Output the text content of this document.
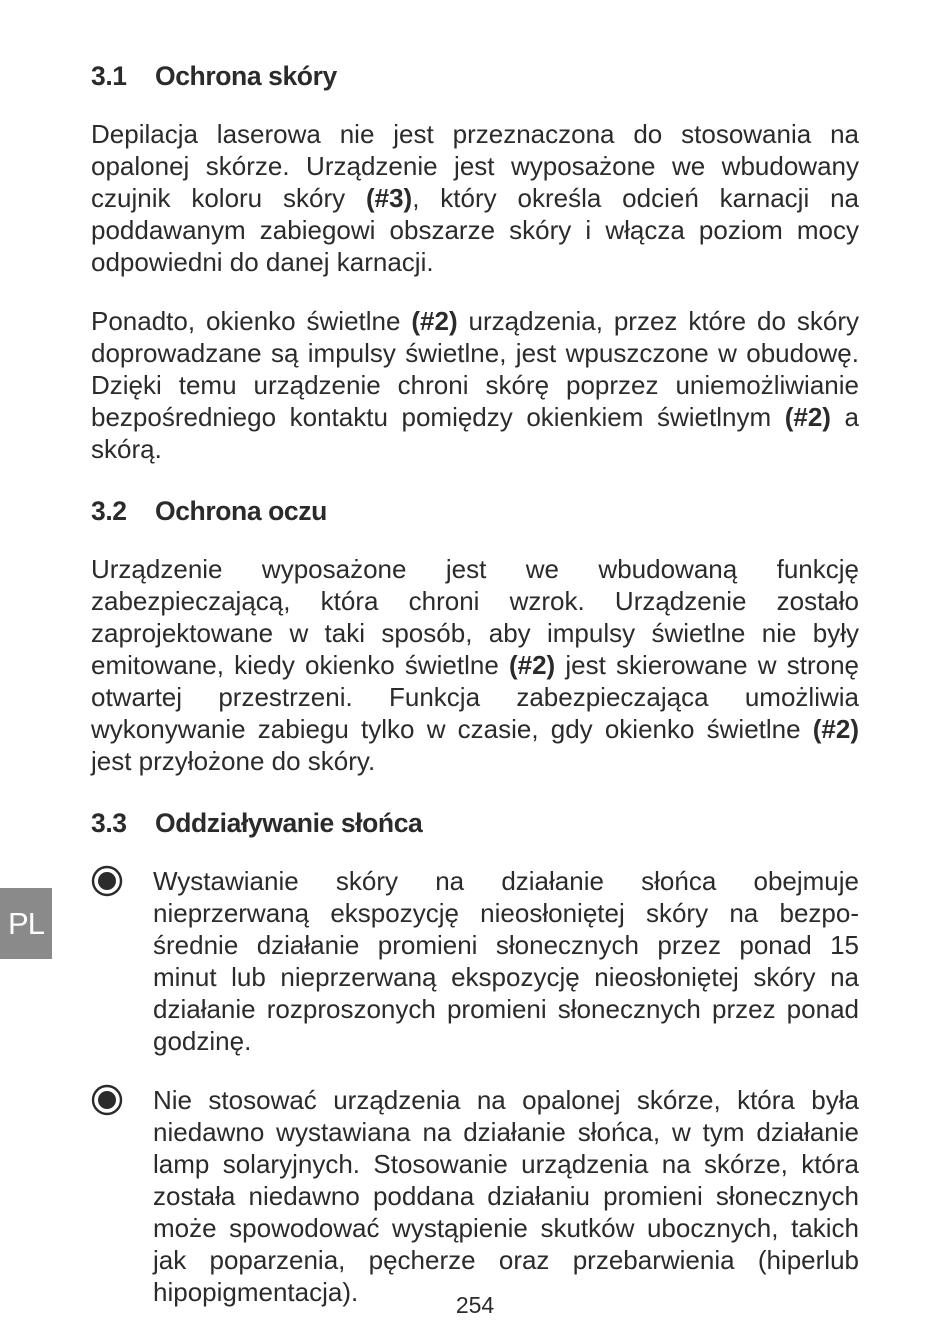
PL
3.1 Ochrona skóry

Depilacja laserowa nie jest przeznaczona do stosowania na opalonej skórze. Urządzenie jest wyposażone we wbudowany czujnik koloru skóry (#3), który określa odcień karnacji na poddawanym zabiegowi obszarze skóry i włącza poziom mocy odpowiedni do danej karnacji.

Ponadto, okienko świetlne (#2) urządzenia, przez które do skóry doprowadzane są impulsy świetlne, jest wpuszczone w obudowę. Dzięki temu urządzenie chroni skórę poprzez uniemożliwianie bezpośredniego kontaktu pomiędzy okienkiem świetlnym (#2) a skórą.

3.2 Ochrona oczu

Urządzenie wyposażone jest we wbudowaną funkcję zabezpieczającą, która chroni wzrok. Urządzenie zostało zaprojektowane w taki sposób, aby impulsy świetlne nie były emitowane, kiedy okienko świetlne (#2) jest skierowane w stronę otwartej przestrzeni. Funkcja zabezpieczająca umożliwia wykonywanie zabiegu tylko w czasie, gdy okienko świetlne (#2) jest przyłożone do skóry.

3.3 Oddziaływanie słońca

Wystawianie skóry na działanie słońca obejmuje nieprzerwaną ekspozycję nieosłoniętej skóry na bezpośrednie działanie promieni słonecznych przez ponad 15 minut lub nieprzerwaną ekspozycję nieosłoniętej skóry na działanie rozproszonych promieni słonecznych przez ponad godzinę.

Nie stosować urządzenia na opalonej skórze, która była niedawno wystawiana na działanie słońca, w tym działanie lamp solaryjnych. Stosowanie urządzenia na skórze, która została niedawno poddana działaniu promieni słonecznych może spowodować wystąpienie skutków ubocznych, takich jak poparzenia, pęcherze oraz przebarwienia (hiperlub hipopigmentacja).	254
